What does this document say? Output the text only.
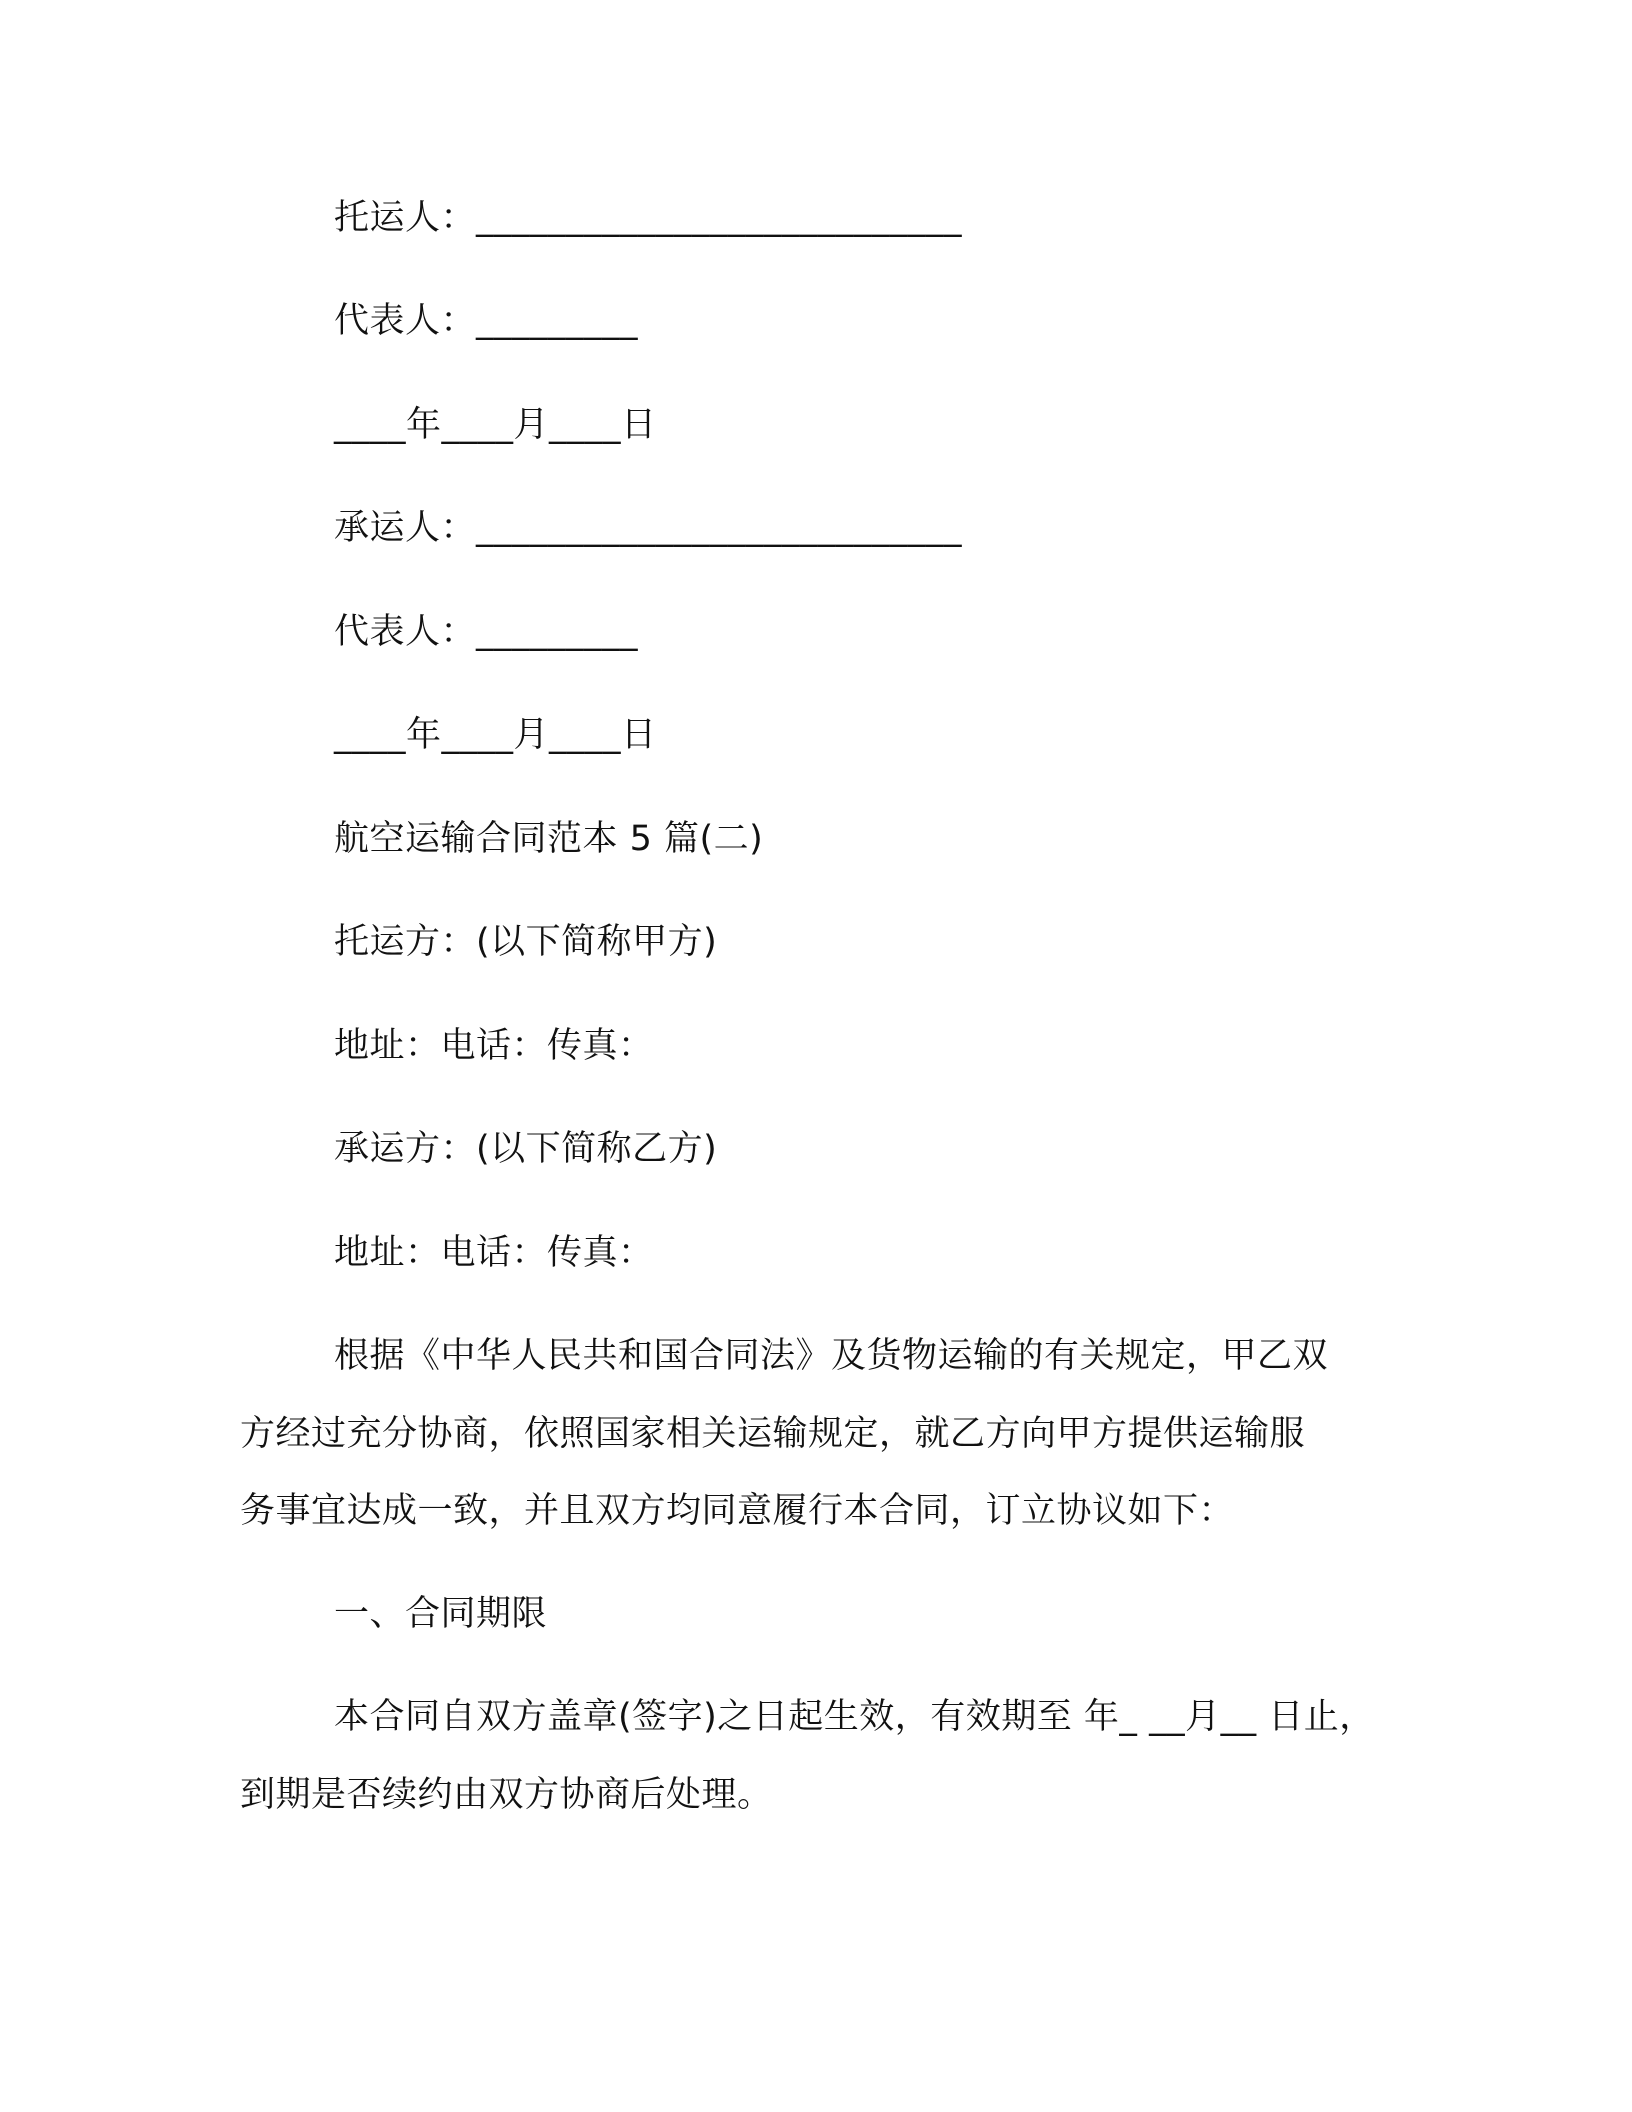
托运人：___________________________
代表人：_________
____年____月____日
承运人：___________________________
代表人：_________
____年____月____日
航空运输合同范本 5 篇(二)
托运方：(以下简称甲方)
地址：电话：传真：
承运方：(以下简称乙方)
地址：电话：传真：
根据《中华人民共和国合同法》及货物运输的有关规定，甲乙双
方经过充分协商，依照国家相关运输规定，就乙方向甲方提供运输服
务事宜达成一致，并且双方均同意履行本合同，订立协议如下：
一、合同期限
本合同自双方盖章(签字)之日起生效，有效期至 年_ __月__ 日止，
到期是否续约由双方协商后处理。
